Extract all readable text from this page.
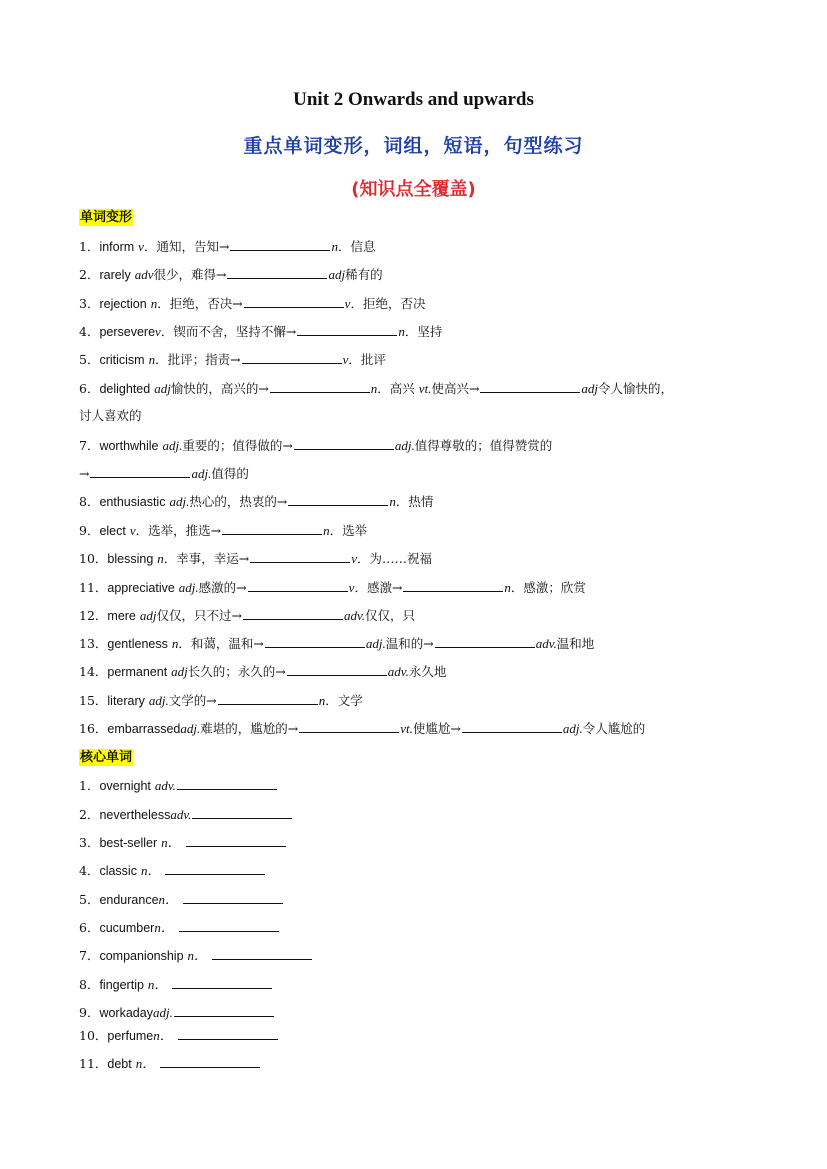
Unit 2 Onwards and upwards
重点单词变形，词组，短语，句型练习
(知识点全覆盖)
单词变形
1．inform v．通知，告知→	n．信息
2．rarely adv很少，难得→	adj稀有的
3．rejection n．拒绝，否决→	v．拒绝，否决
4．perseverev．锲而不舍，坚持不懈→	n．坚持
5．criticism n．批评；指责→	v．批评
6．delighted adj愉快的，高兴的→	n．高兴 vt.使高兴→	adj令人愉快的，
讨人喜欢的
7．worthwhile adj.重要的；值得做的→	adj.值得尊敬的；值得赞赏的
→	adj.值得的
8．enthusiastic adj.热心的，热衷的→	n．热情
9．elect v．选举，推选→	n．选举
10．blessing n．幸事，幸运→	v．为……祝福
11．appreciative adj.感激的→	v．感激→	n．感激；欣赏
12．mere adj仅仅，只不过→	adv.仅仅，只
13．gentleness n．和蔼，温和→	adj.温和的→	adv.温和地
14．permanent adj长久的；永久的→	adv.永久地
15．literary adj.文学的→	n．文学
16．embarrassedadj.难堪的，尴尬的→	vt.使尴尬→	adj.令人尴尬的
核心单词
1．overnight adv.
2．neverthelessadv.
3．best-seller n．
4．classic n．
5．endurancen．
6．cucumbern．
7．companionship n．
8．fingertip n．
9．workadayadj.
10．perfumen．
11．debt n．
